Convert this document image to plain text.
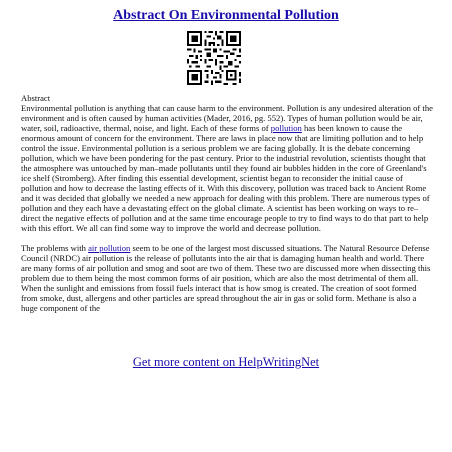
Abstract On Environmental Pollution
Abstract

Environmental pollution is anything that can cause harm to the environment. Pollution is any undesired alteration of the environment and is often caused by human activities (Mader, 2016, pg. 552). Types of human pollution would be air, water, soil, radioactive, thermal, noise, and light. Each of these forms of pollution has been known to cause the enormous amount of concern for the environment. There are laws in place now that are limiting pollution and to help control the issue. Environmental pollution is a serious problem we are facing globally. It is the debate concerning pollution, which we have been pondering for the past century. Prior to the industrial revolution, scientists thought that the atmosphere was untouched by man–made pollutants until they found air bubbles hidden in the core of Greenland's ice shelf (Stromberg). After finding this essential development, scientist began to reconsider the initial cause of pollution and how to decrease the lasting effects of it. With this discovery, pollution was traced back to Ancient Rome and it was decided that globally we needed a new approach for dealing with this problem. There are numerous types of pollution and they each have a devastating effect on the global climate. A scientist has been working on ways to re–direct the negative effects of pollution and at the same time encourage people to try to find ways to do that part to help with this effort. We all can find some way to improve the world and decrease pollution.

The problems with air pollution seem to be one of the largest most discussed situations. The Natural Resource Defense Council (NRDC) air pollution is the release of pollutants into the air that is damaging human health and world. There are many forms of air pollution and smog and soot are two of them. These two are discussed more when dissecting this problem due to them being the most common forms of air position, which are also the most detrimental of them all. When the sunlight and emissions from fossil fuels interact that is how smog is created. The creation of soot formed from smoke, dust, allergens and other particles are spread throughout the air in gas or solid form. Methane is also a huge component of the

Get more content on HelpWritingNet
